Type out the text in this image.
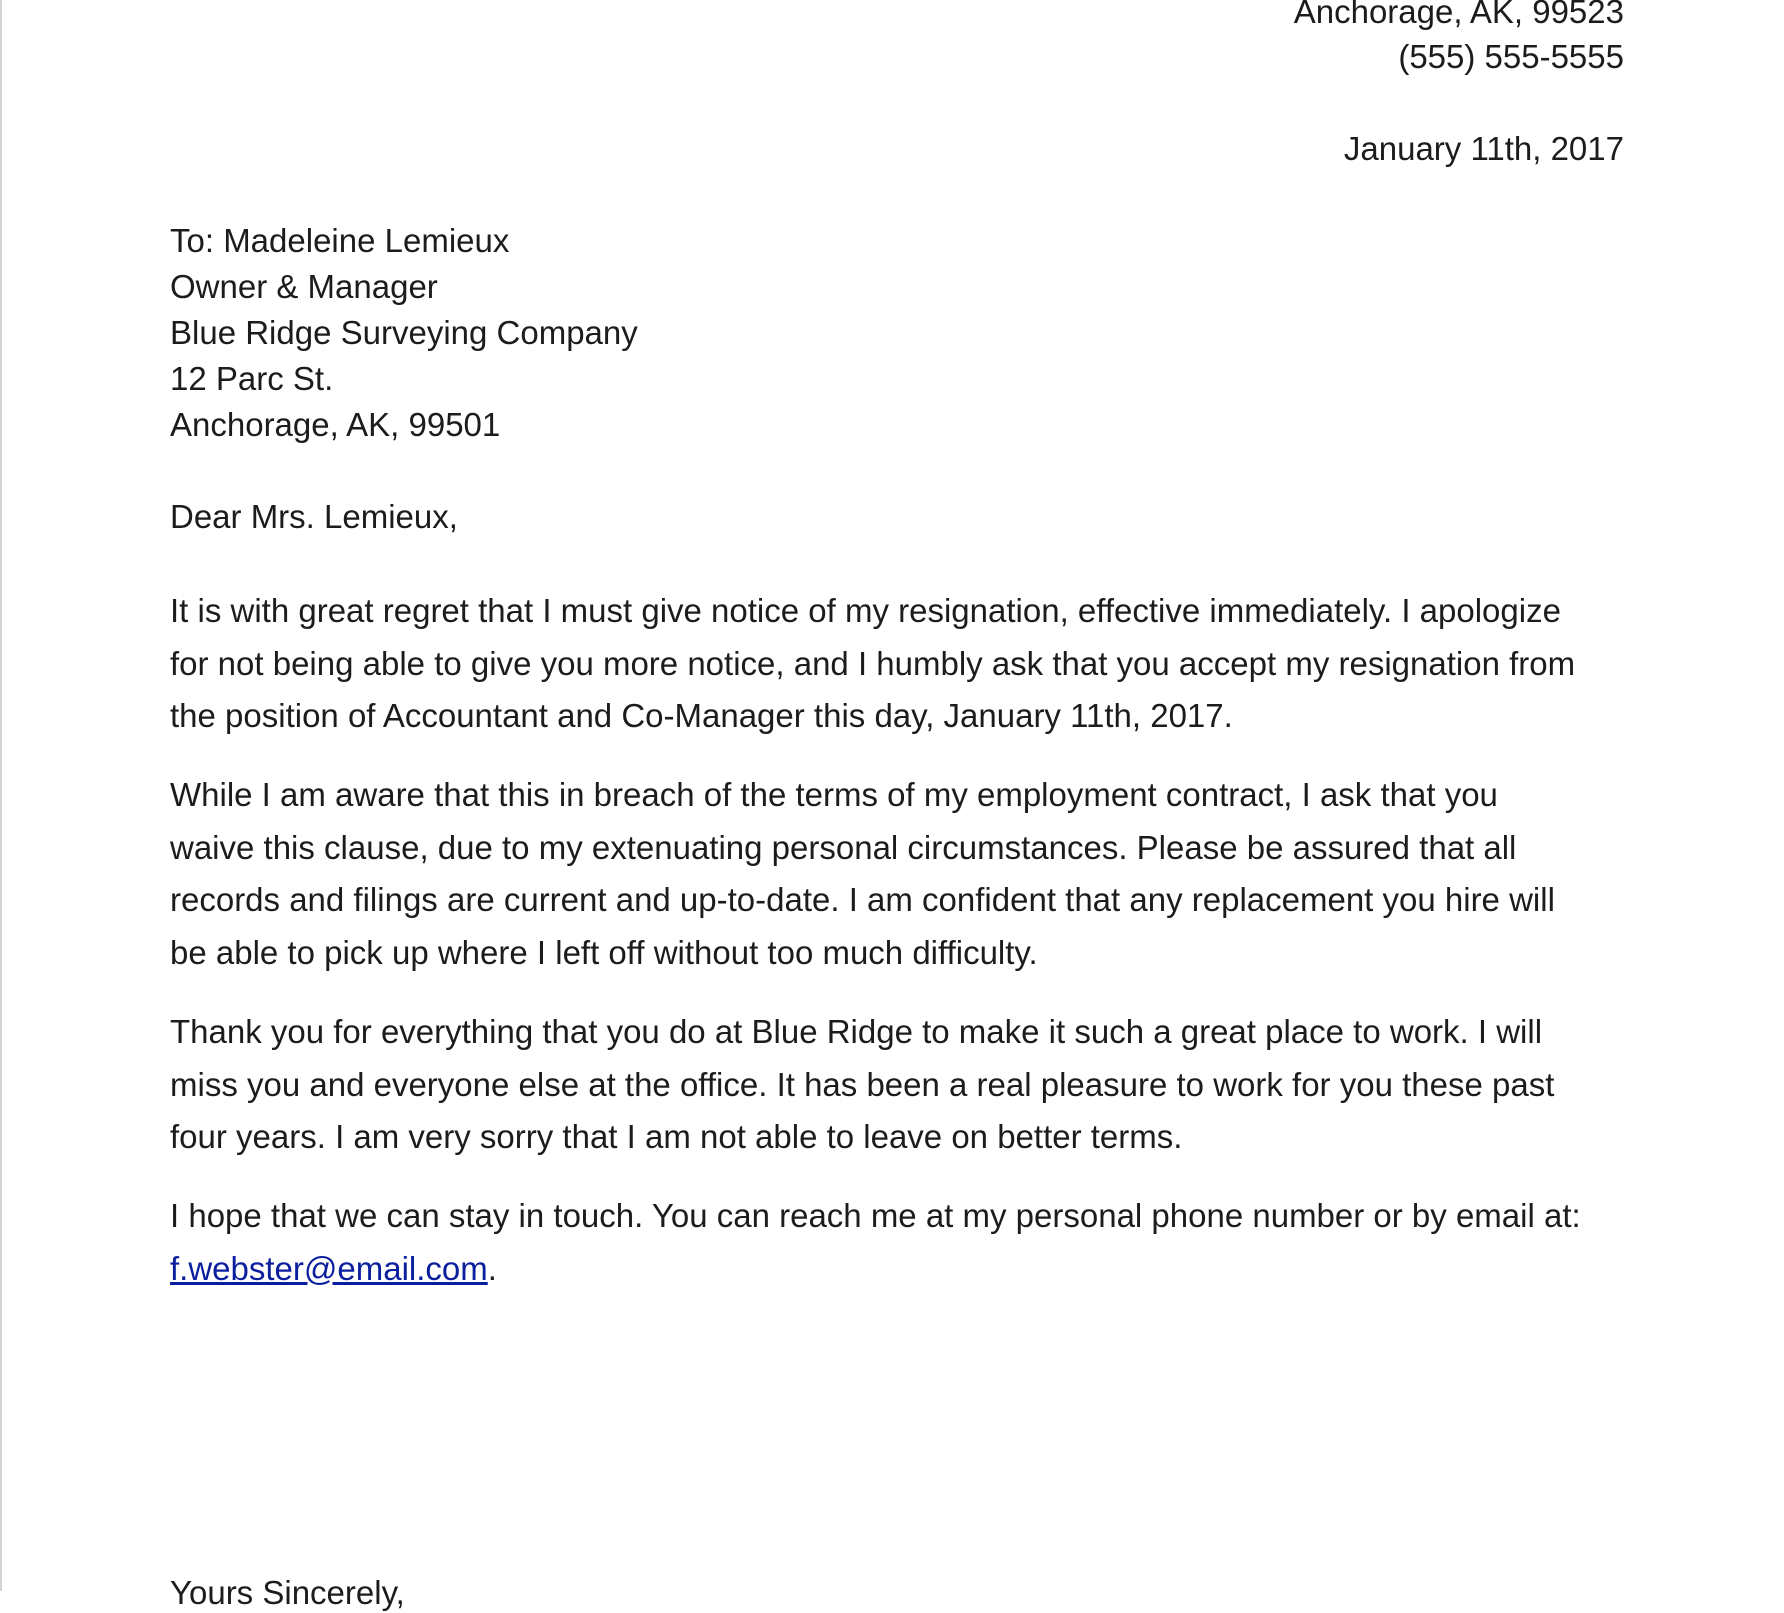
Anchorage, AK, 99523

(555) 555-5555

January 11th, 2017

To: Madeleine Lemieux

Owner & Manager

Blue Ridge Surveying Company

12 Parc St.

Anchorage, AK, 99501

Dear Mrs. Lemieux,

It is with great regret that I must give notice of my resignation, effective immediately. I apologize
for not being able to give you more notice, and I humbly ask that you accept my resignation from
the position of Accountant and Co-Manager this day, January 11th, 2017.

While I am aware that this in breach of the terms of my employment contract, I ask that you
waive this clause, due to my extenuating personal circumstances. Please be assured that all
records and filings are current and up-to-date. I am confident that any replacement you hire will
be able to pick up where I left off without too much difficulty.

Thank you for everything that you do at Blue Ridge to make it such a great place to work. I will
miss you and everyone else at the office. It has been a real pleasure to work for you these past
four years. I am very sorry that I am not able to leave on better terms.

I hope that we can stay in touch. You can reach me at my personal phone number or by email at:
f.webster@email.com.

Yours Sincerely,
